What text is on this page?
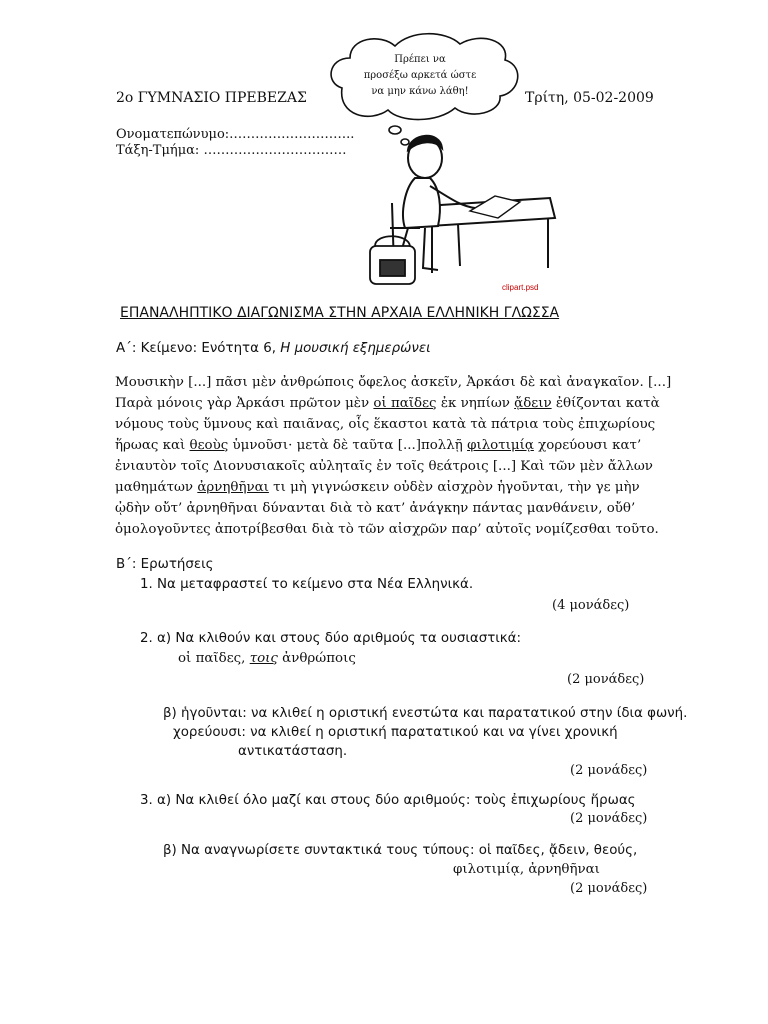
2ο ΓΥΜΝΑΣΙΟ ΠΡΕΒΕΖΑΣ	Τρίτη, 05-02-2009
Ονοματεπώνυμο:………………………..
Τάξη-Τμήμα: ……………………………
clipart.psd
Πρέπει να
προσέξω αρκετά ώστε
να μην κάνω λάθη!
ΕΠΑΝΑΛΗΠΤΙΚΟ ΔΙΑΓΩΝΙΣΜΑ ΣΤΗΝ ΑΡΧΑΙΑ ΕΛΛΗΝΙΚΗ ΓΛΩΣΣΑ
Α΄: Κείμενο: Ενότητα 6, Η μουσική εξημερώνει
Μουσικὴν [...] πᾶσι μὲν ἀνθρώποις ὄφελος ἀσκεῖν, Ἀρκάσι δὲ καὶ ἀναγκαῖον. [...]
Παρὰ μόνοις γὰρ Ἀρκάσι πρῶτον μὲν οἱ παῖδες ἐκ νηπίων ᾄδειν ἐθίζονται κατὰ
νόμους τοὺς ὕμνους καὶ παιᾶνας, οἷς ἕκαστοι κατὰ τὰ πάτρια τοὺς ἐπιχωρίους
ἥρωας καὶ θεοὺς ὑμνοῦσι· μετὰ δὲ ταῦτα [...]πολλῇ φιλοτιμίᾳ χορεύουσι κατ’
ἐνιαυτὸν τοῖς Διονυσιακοῖς αὐληταῖς ἐν τοῖς θεάτροις [...] Καὶ τῶν μὲν ἄλλων
μαθημάτων ἀρνηθῆναι τι μὴ γιγνώσκειν οὐδὲν αἰσχρὸν ἡγοῦνται, τὴν γε μὴν
ᾠδὴν οὔτ’ ἀρνηθῆναι δύνανται διὰ τὸ κατ’ ἀνάγκην πάντας μανθάνειν, οὔθ’
ὁμολογοῦντες ἀποτρίβεσθαι διὰ τὸ τῶν αἰσχρῶν παρ’ αὐτοῖς νομίζεσθαι τοῦτο.
Β΄: Ερωτήσεις
1. Να μεταφραστεί το κείμενο στα Νέα Ελληνικά.
(4 μονάδες)
2. α) Να κλιθούν και στους δύο αριθμούς τα ουσιαστικά:
οἱ παῖδες, τοις ἀνθρώποις
(2 μονάδες)
β) ἡγοῦνται: να κλιθεί η οριστική ενεστώτα και παρατατικού στην ίδια φωνή.
χορεύουσι: να κλιθεί η οριστική παρατατικού και να γίνει χρονική
αντικατάσταση.
(2 μονάδες)
3. α) Να κλιθεί όλο μαζί και στους δύο αριθμούς: τοὺς ἐπιχωρίους ἥρωας
(2 μονάδες)
β) Να αναγνωρίσετε συντακτικά τους τύπους: οἱ παῖδες, ᾄδειν, θεούς,
φιλοτιμίᾳ, ἀρνηθῆναι
(2 μονάδες)
